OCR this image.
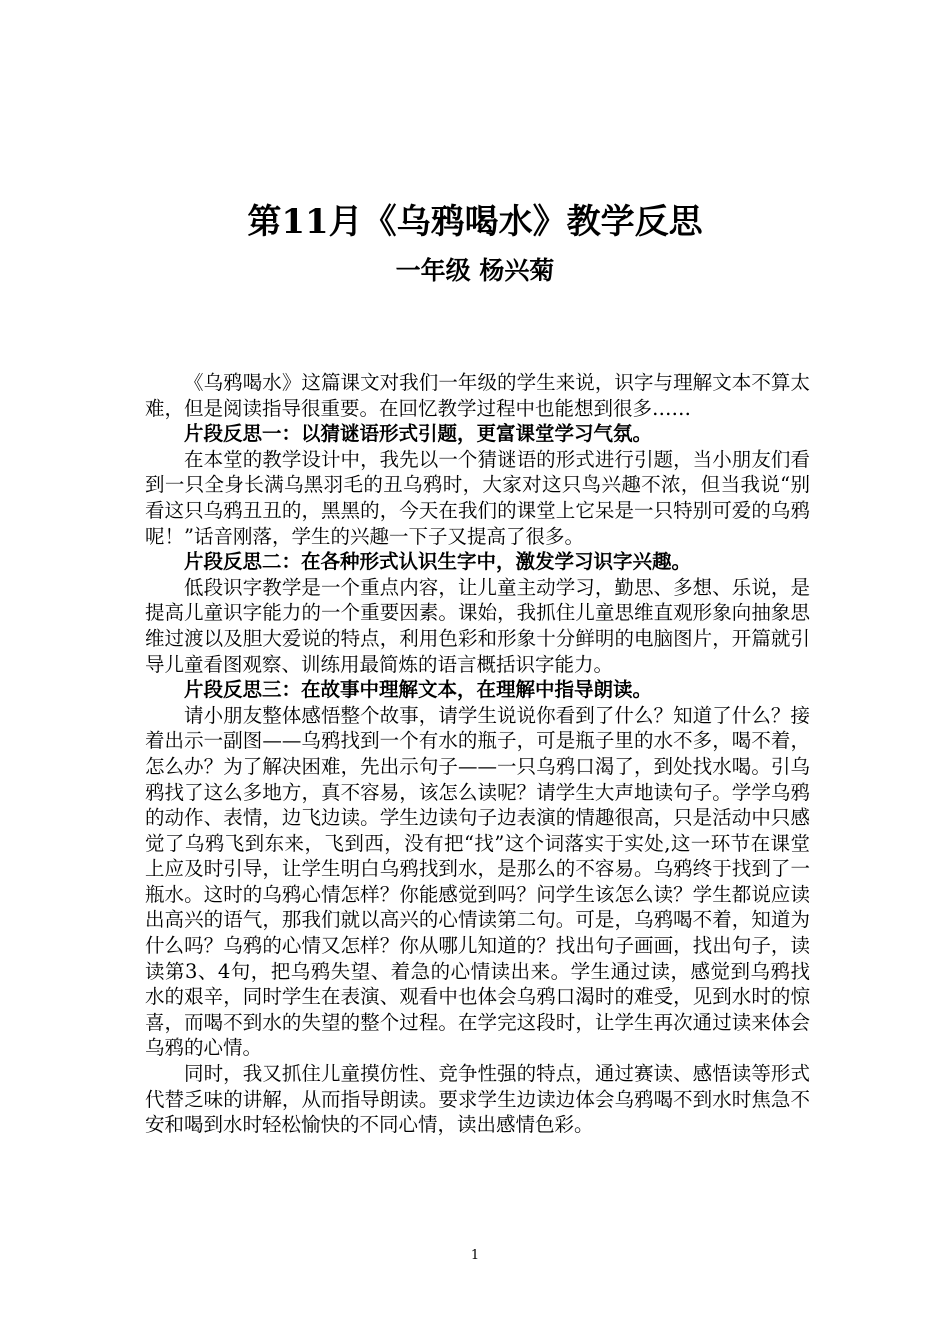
第11月《乌鸦喝水》教学反思
一年级 杨兴菊

《乌鸦喝水》这篇课文对我们一年级的学生来说，识字与理解文本不算太难，但是阅读指导很重要。在回忆教学过程中也能想到很多……

片段反思一：以猜谜语形式引题，更富课堂学习气氛。

在本堂的教学设计中，我先以一个猜谜语的形式进行引题，当小朋友们看到一只全身长满乌黑羽毛的丑乌鸦时，大家对这只鸟兴趣不浓，但当我说“别看这只乌鸦丑丑的，黑黑的，今天在我们的课堂上它呆是一只特别可爱的乌鸦呢！”话音刚落，学生的兴趣一下子又提高了很多。

片段反思二：在各种形式认识生字中，激发学习识字兴趣。

低段识字教学是一个重点内容，让儿童主动学习，勤思、多想、乐说，是提高儿童识字能力的一个重要因素。课始，我抓住儿童思维直观形象向抽象思维过渡以及胆大爱说的特点，利用色彩和形象十分鲜明的电脑图片，开篇就引导儿童看图观察、训练用最简炼的语言概括识字能力。

片段反思三：在故事中理解文本，在理解中指导朗读。

请小朋友整体感悟整个故事，请学生说说你看到了什么？知道了什么？接着出示一副图——乌鸦找到一个有水的瓶子，可是瓶子里的水不多，喝不着，怎么办？为了解决困难，先出示句子——一只乌鸦口渴了，到处找水喝。引乌鸦找了这么多地方，真不容易，该怎么读呢？请学生大声地读句子。学学乌鸦的动作、表情，边飞边读。学生边读句子边表演的情趣很高，只是活动中只感觉了乌鸦飞到东来，飞到西，没有把“找”这个词落实于实处,这一环节在课堂上应及时引导，让学生明白乌鸦找到水，是那么的不容易。乌鸦终于找到了一瓶水。这时的乌鸦心情怎样？你能感觉到吗？问学生该怎么读？学生都说应读出高兴的语气，那我们就以高兴的心情读第二句。可是，乌鸦喝不着，知道为什么吗？乌鸦的心情又怎样？你从哪儿知道的？找出句子画画，找出句子，读读第3、4句，把乌鸦失望、着急的心情读出来。学生通过读，感觉到乌鸦找水的艰辛，同时学生在表演、观看中也体会乌鸦口渴时的难受，见到水时的惊喜，而喝不到水的失望的整个过程。在学完这段时，让学生再次通过读来体会乌鸦的心情。

同时，我又抓住儿童摸仿性、竞争性强的特点，通过赛读、感悟读等形式代替乏味的讲解，从而指导朗读。要求学生边读边体会乌鸦喝不到水时焦急不安和喝到水时轻松愉快的不同心情，读出感情色彩。

1
